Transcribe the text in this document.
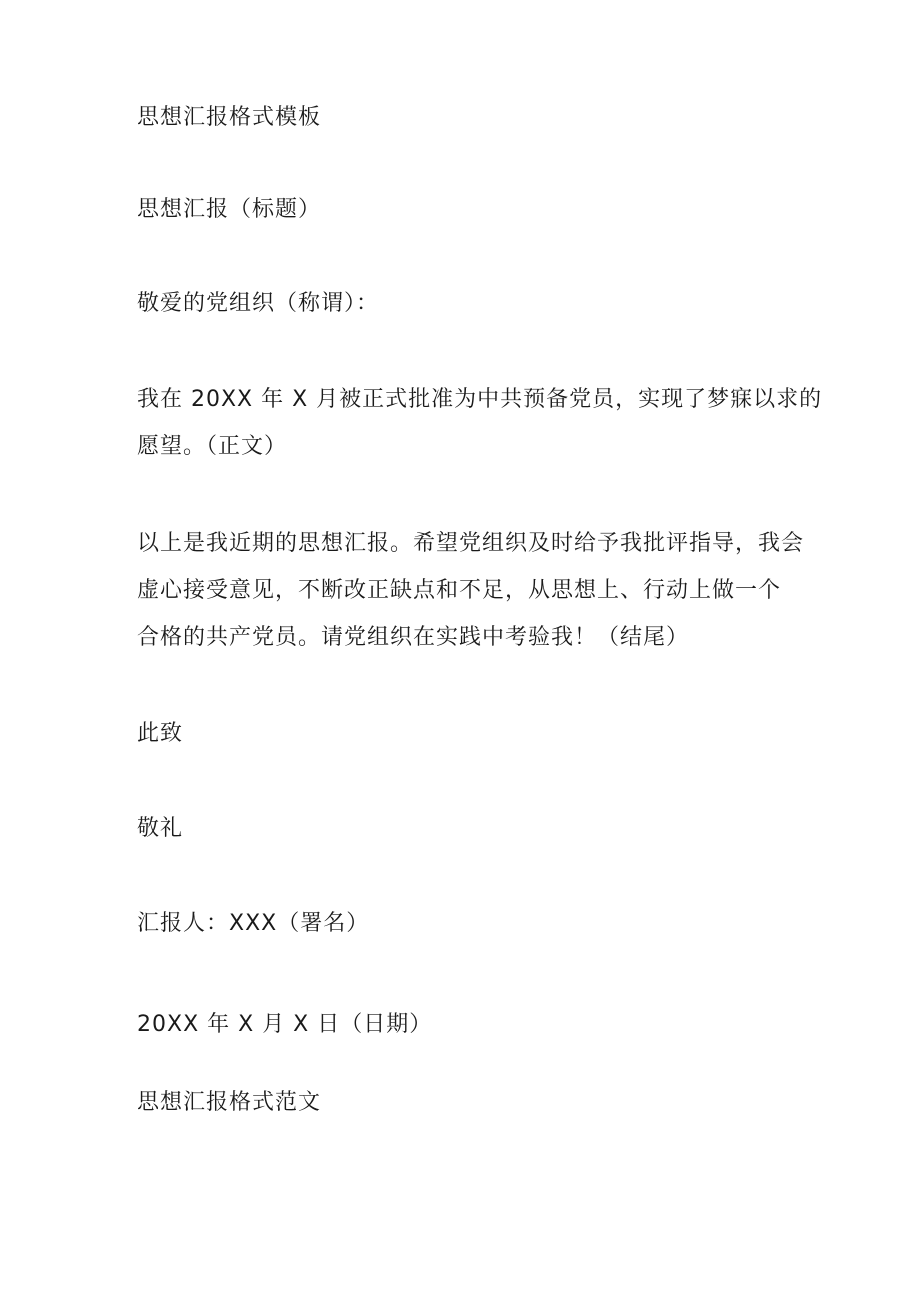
思想汇报格式模板

思想汇报（标题）

敬爱的党组织（称谓）：

我在 20XX 年 X 月被正式批准为中共预备党员，实现了梦寐以求的
愿望。（正文）
以上是我近期的思想汇报。希望党组织及时给予我批评指导，我会
虚心接受意见，不断改正缺点和不足，从思想上、行动上做一个
合格的共产党员。请党组织在实践中考验我！（结尾）

此致

敬礼

汇报人：XXX（署名）

20XX 年 X 月 X 日（日期）

思想汇报格式范文
